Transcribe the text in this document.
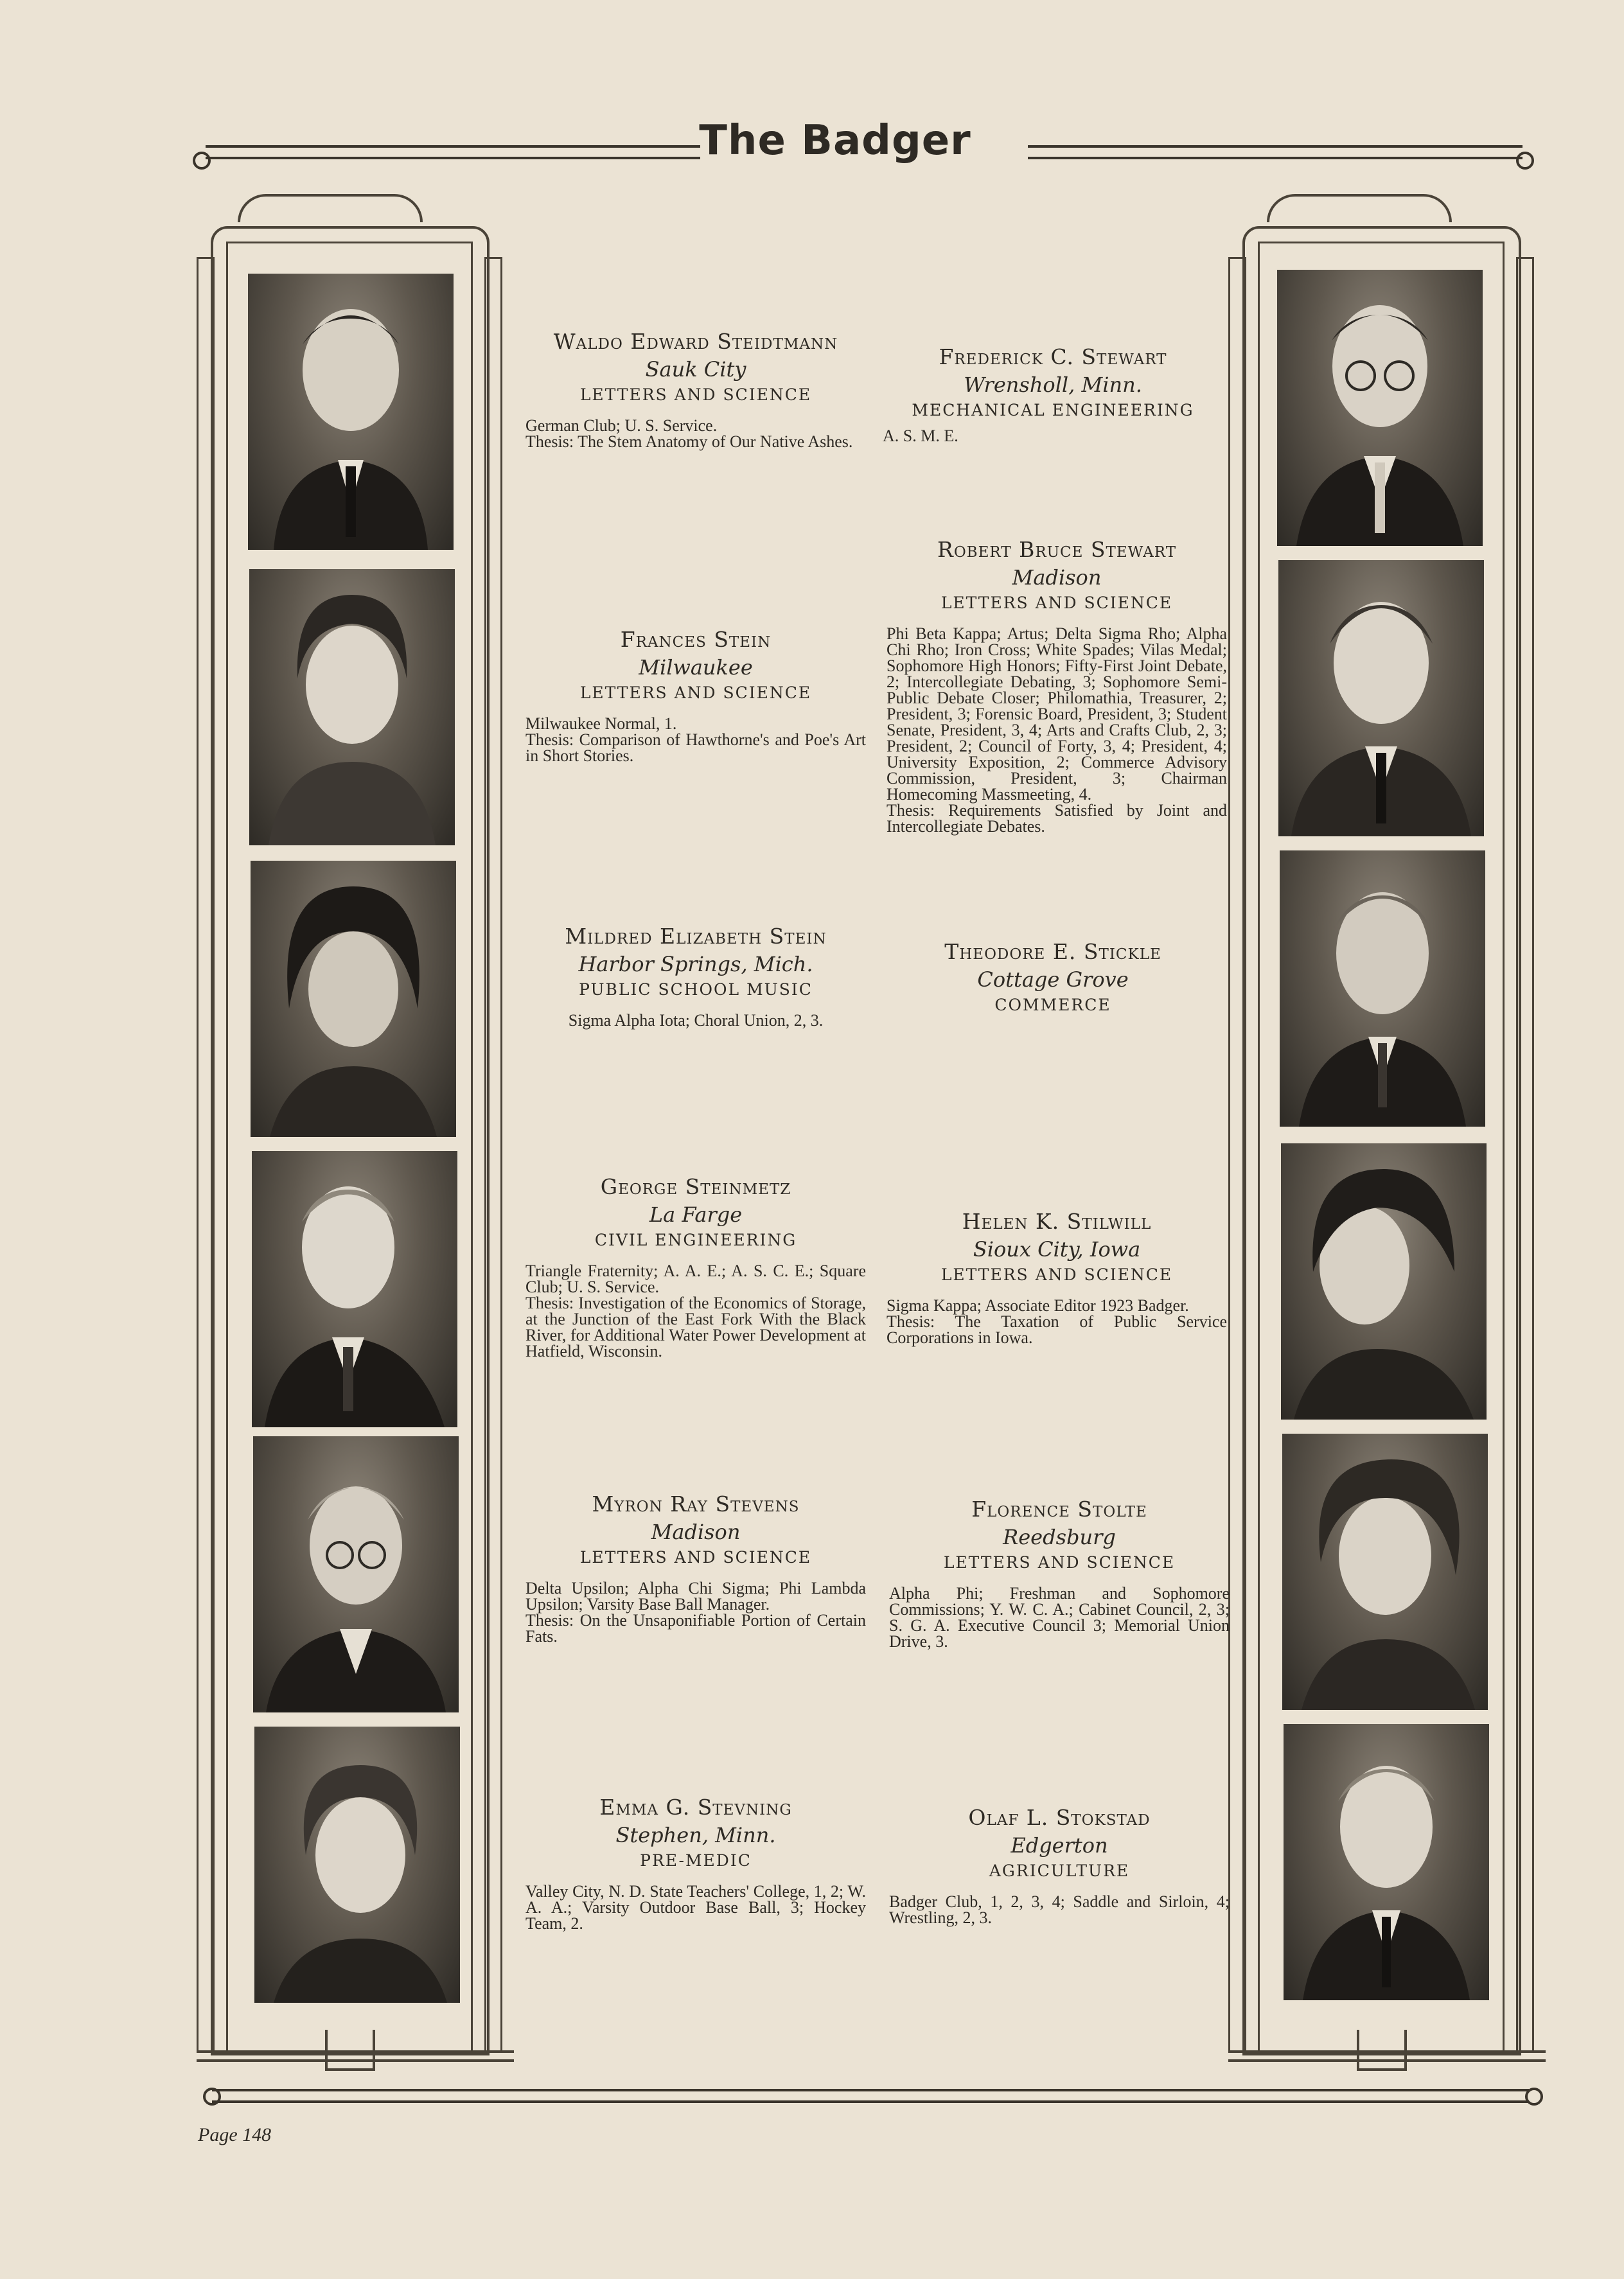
The Badger
Waldo Edward Steidtmann
Sauk City
LETTERS AND SCIENCE

German Club; U. S. Service.

Thesis: The Stem Anatomy of Our Native Ashes.

Frances Stein
Milwaukee
LETTERS AND SCIENCE

Milwaukee Normal, 1.

Thesis: Comparison of Hawthorne's and Poe's Art in Short Stories.

Mildred Elizabeth Stein
Harbor Springs, Mich.
PUBLIC SCHOOL MUSIC

Sigma Alpha Iota; Choral Union, 2, 3.

George Steinmetz
La Farge
CIVIL ENGINEERING

Triangle Fraternity; A. A. E.; A. S. C. E.; Square Club; U. S. Service.

Thesis: Investigation of the Economics of Storage, at the Junction of the East Fork With the Black River, for Additional Water Power Development at Hatfield, Wisconsin.

Myron Ray Stevens
Madison
LETTERS AND SCIENCE

Delta Upsilon; Alpha Chi Sigma; Phi Lambda Upsilon; Varsity Base Ball Manager.

Thesis: On the Unsaponifiable Portion of Certain Fats.

Emma G. Stevning
Stephen, Minn.
PRE-MEDIC

Valley City, N. D. State Teachers' College, 1, 2; W. A. A.; Varsity Outdoor Base Ball, 3; Hockey Team, 2.

Frederick C. Stewart
Wrensholl, Minn.
MECHANICAL ENGINEERING

A. S. M. E.

Robert Bruce Stewart
Madison
LETTERS AND SCIENCE

Phi Beta Kappa; Artus; Delta Sigma Rho; Alpha Chi Rho; Iron Cross; White Spades; Vilas Medal; Sophomore High Honors; Fifty-First Joint Debate, 2; Intercollegiate Debating, 3; Sophomore Semi-Public Debate Closer; Philomathia, Treasurer, 2; President, 3; Forensic Board, President, 3; Student Senate, President, 3, 4; Arts and Crafts Club, 2, 3; President, 2; Council of Forty, 3, 4; President, 4; University Exposition, 2; Commerce Advisory Commission, President, 3; Chairman Homecoming Massmeeting, 4.

Thesis: Requirements Satisfied by Joint and Intercollegiate Debates.

Theodore E. Stickle
Cottage Grove
COMMERCE
Helen K. Stilwill
Sioux City, Iowa
LETTERS AND SCIENCE

Sigma Kappa; Associate Editor 1923 Badger.

Thesis: The Taxation of Public Service Corporations in Iowa.

Florence Stolte
Reedsburg
LETTERS AND SCIENCE

Alpha Phi; Freshman and Sophomore Commissions; Y. W. C. A.; Cabinet Council, 2, 3; S. G. A. Executive Council 3; Memorial Union Drive, 3.

Olaf L. Stokstad
Edgerton
AGRICULTURE

Badger Club, 1, 2, 3, 4; Saddle and Sirloin, 4; Wrestling, 2, 3.

Page 148
